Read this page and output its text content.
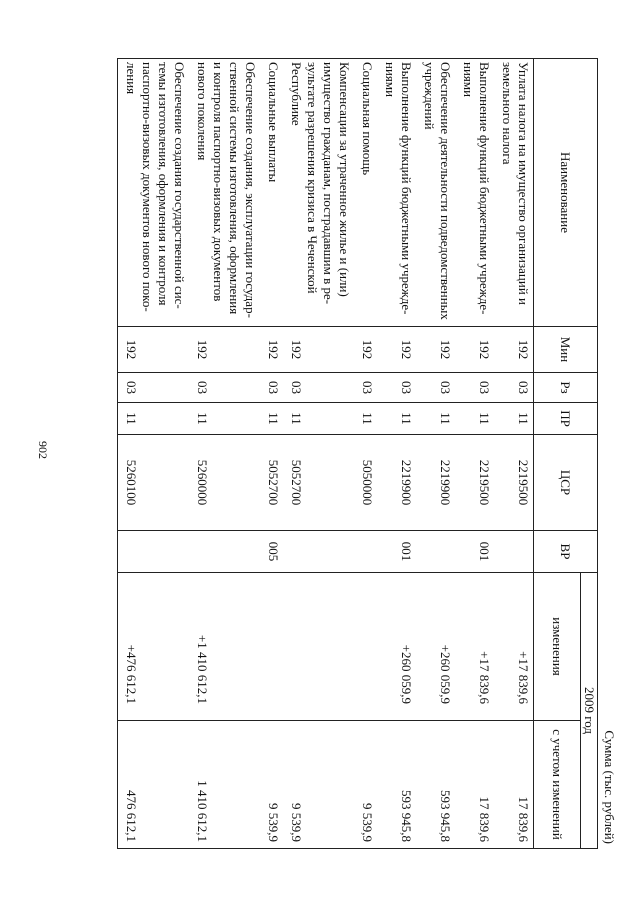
902
Сумма (тыс. рублей)
Наименование	Мин	Рз	ПР	ЦСР	ВР	2009 год	
						изменения	с учетом изменений
Уплата налога на имущество организаций и земельного налога	192	03	11	2219500		+17 839,6	17 839,6
Выполнение функций бюджетными учрежде-ниями	192	03	11	2219500	001	+17 839,6	17 839,6
Обеспечение деятельности подведомственных учреждений	192	03	11	2219900		+260 059,9	593 945,8
Выполнение функций бюджетными учрежде-ниями	192	03	11	2219900	001	+260 059,9	593 945,8
Социальная помощь	192	03	11	5050000			9 539,9
Компенсации за утраченное жилье и (или) имущество гражданам, пострадавшим в ре-зультате разрешения кризиса в Чеченской Республике	192	03	11	5052700			9 539,9
Социальные выплаты	192	03	11	5052700	005		9 539,9
Обеспечение создания, эксплуатации государ-ственной системы изготовления, оформления и контроля паспортно-визовых документов нового поколения	192	03	11	5260000		+1 410 612,1	1 410 612,1
Обеспечение создания государственной сис-темы изготовления, оформления и контроля паспортно-визовых документов нового поко-ления	192	03	11	5260100		+476 612,1	476 612,1
